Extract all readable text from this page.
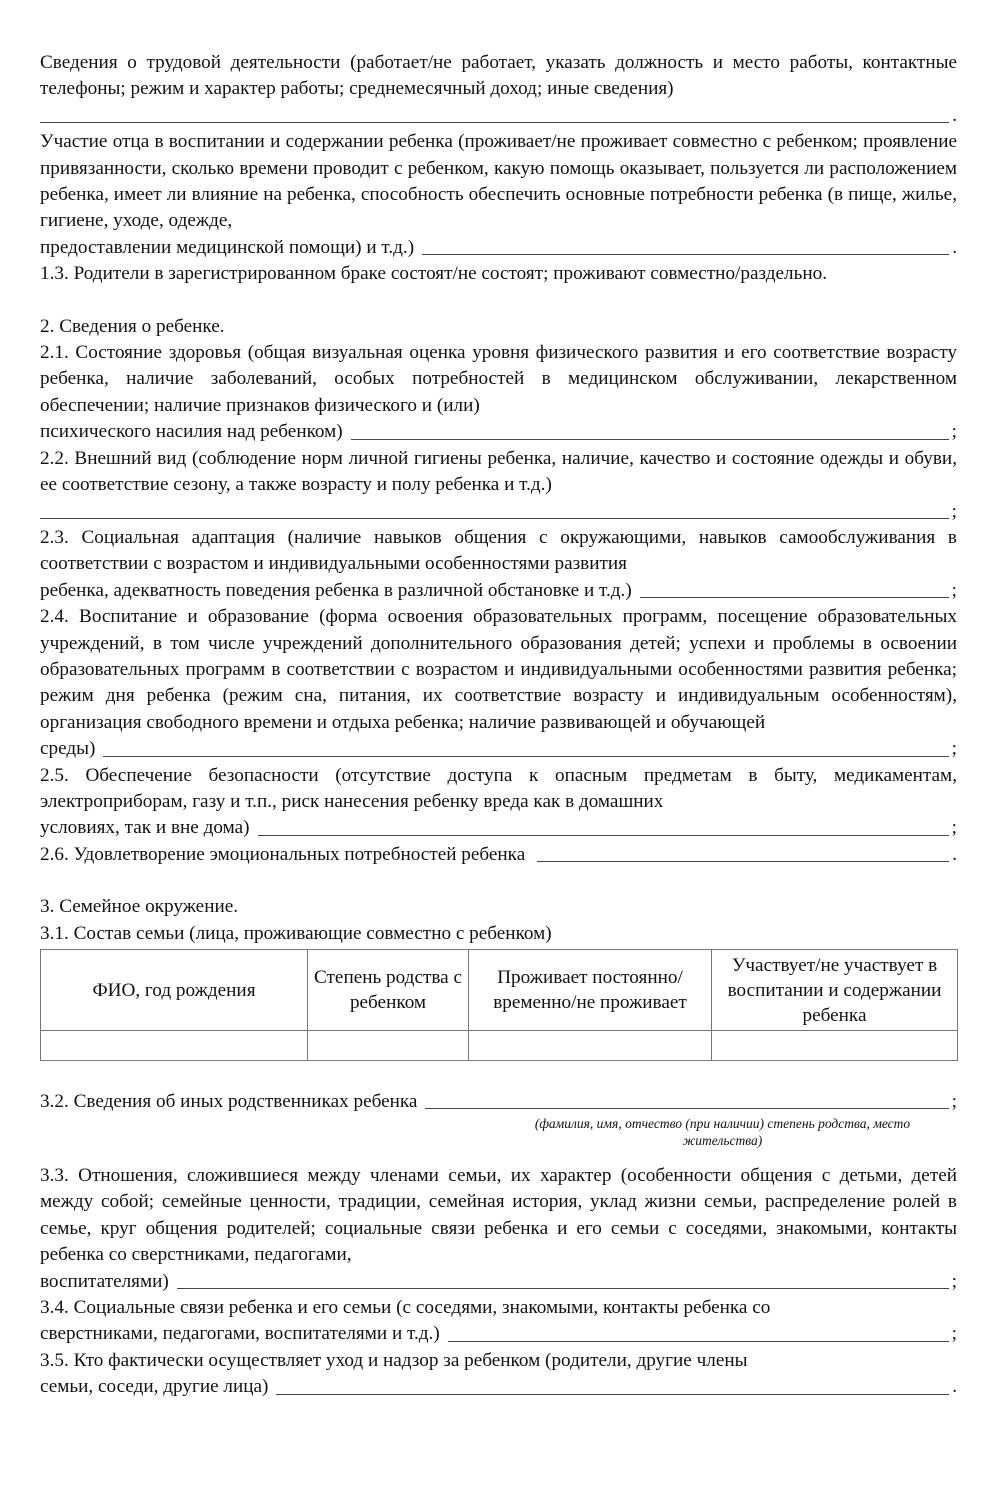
Сведения о трудовой деятельности (работает/не работает, указать должность и место работы, контактные телефоны; режим и характер работы; среднемесячный доход; иные сведения)

.

Участие отца в воспитании и содержании ребенка (проживает/не проживает совместно с ребенком; проявление привязанности, сколько времени проводит с ребенком, какую помощь оказывает, пользуется ли расположением ребенка, имеет ли влияние на ребенка, способность обеспечить основные потребности ребенка (в пище, жилье, гигиене, уходе, одежде,

предоставлении медицинской помощи) и т.д.)	.

1.3. Родители в зарегистрированном браке состоят/не состоят; проживают совместно/раздельно.

2. Сведения о ребенке.

2.1. Состояние здоровья (общая визуальная оценка уровня физического развития и его соответствие возрасту ребенка, наличие заболеваний, особых потребностей в медицинском обслуживании, лекарственном обеспечении; наличие признаков физического и (или)

психического насилия над ребенком)	;

2.2. Внешний вид (соблюдение норм личной гигиены ребенка, наличие, качество и состояние одежды и обуви, ее соответствие сезону, а также возрасту и полу ребенка и т.д.)

;

2.3. Социальная адаптация (наличие навыков общения с окружающими, навыков самообслуживания в соответствии с возрастом и индивидуальными особенностями развития

ребенка, адекватность поведения ребенка в различной обстановке и т.д.)	;

2.4. Воспитание и образование (форма освоения образовательных программ, посещение образовательных учреждений, в том числе учреждений дополнительного образования детей; успехи и проблемы в освоении образовательных программ в соответствии с возрастом и индивидуальными особенностями развития ребенка; режим дня ребенка (режим сна, питания, их соответствие возрасту и индивидуальным особенностям), организация свободного времени и отдыха ребенка; наличие развивающей и обучающей

среды)	;

2.5. Обеспечение безопасности (отсутствие доступа к опасным предметам в быту, медикаментам, электроприборам, газу и т.п., риск нанесения ребенку вреда как в домашних

условиях, так и вне дома)	;
2.6. Удовлетворение эмоциональных потребностей ребенка	.

3. Семейное окружение.

3.1. Состав семьи (лица, проживающие совместно с ребенком)

ФИО, год рождения	Степень родства с ребенком	Проживает постоянно/ временно/не проживает	Участвует/не участвует в воспитании и содержании ребенка

3.2. Сведения об иных родственниках ребенка	;

(фамилия, имя, отчество (при наличии) степень родства, место жительства)

3.3. Отношения, сложившиеся между членами семьи, их характер (особенности общения с детьми, детей между собой; семейные ценности, традиции, семейная история, уклад жизни семьи, распределение ролей в семье, круг общения родителей; социальные связи ребенка и его семьи с соседями, знакомыми, контакты ребенка со сверстниками, педагогами,

воспитателями)	;

3.4. Социальные связи ребенка и его семьи (с соседями, знакомыми, контакты ребенка со

сверстниками, педагогами, воспитателями и т.д.)	;

3.5. Кто фактически осуществляет уход и надзор за ребенком (родители, другие члены

семьи, соседи, другие лица)	.
